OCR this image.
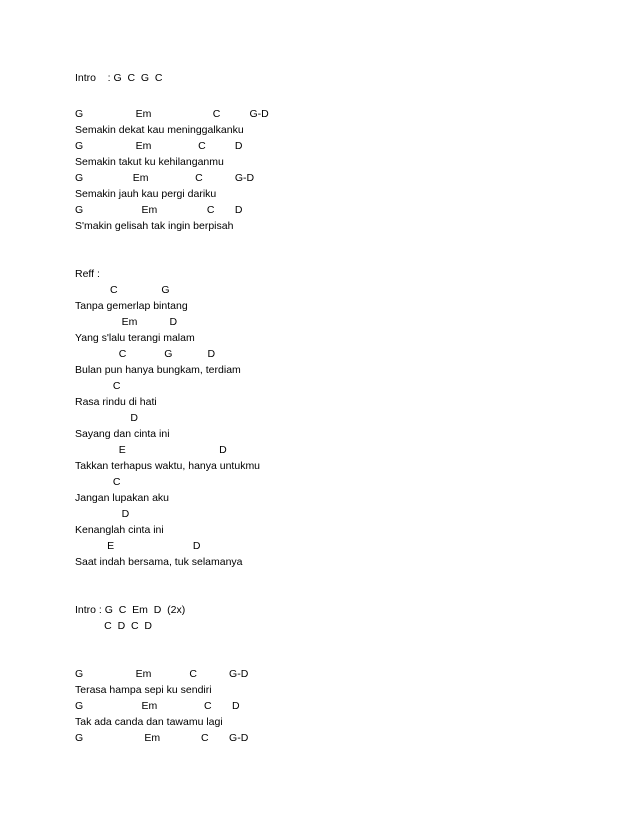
Intro    : G  C  G  C
G                  Em                     C          G-D
Semakin dekat kau meninggalkanku
G                  Em                C          D
Semakin takut ku kehilanganmu
G                 Em                C           G-D
Semakin jauh kau pergi dariku
G                    Em                 C       D
S'makin gelisah tak ingin berpisah
Reff :
C               G
Tanpa gemerlap bintang
Em           D
Yang s'lalu terangi malam
C             G            D
Bulan pun hanya bungkam, terdiam
C
Rasa rindu di hati
D
Sayang dan cinta ini
E                                D
Takkan terhapus waktu, hanya untukmu
C
Jangan lupakan aku
D
Kenanglah cinta ini
E                           D
Saat indah bersama, tuk selamanya
Intro : G  C  Em  D  (2x)
C  D  C  D
G                  Em             C           G-D
Terasa hampa sepi ku sendiri
G                    Em                C       D
Tak ada canda dan tawamu lagi
G                     Em              C       G-D
